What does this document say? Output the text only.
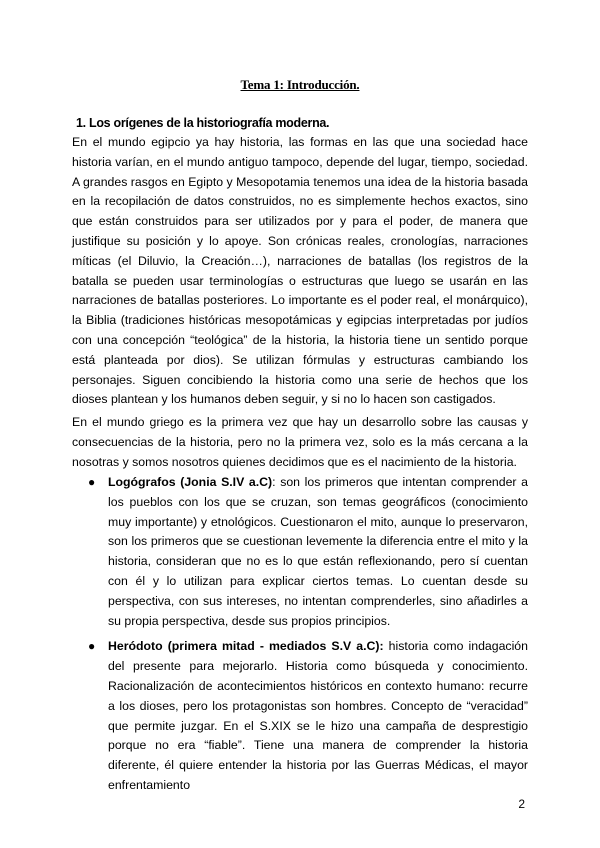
Tema 1: Introducción.
1. Los orígenes de la historiografía moderna.

En el mundo egipcio ya hay historia, las formas en las que una sociedad hace historia varían, en el mundo antiguo tampoco, depende del lugar, tiempo, sociedad. A grandes rasgos en Egipto y Mesopotamia tenemos una idea de la historia basada en la recopilación de datos construidos, no es simplemente hechos exactos, sino que están construidos para ser utilizados por y para el poder, de manera que justifique su posición y lo apoye. Son crónicas reales, cronologías, narraciones míticas (el Diluvio, la Creación…), narraciones de batallas (los registros de la batalla se pueden usar terminologías o estructuras que luego se usarán en las narraciones de batallas posteriores. Lo importante es el poder real, el monárquico), la Biblia (tradiciones históricas mesopotámicas y egipcias interpretadas por judíos con una concepción “teológica” de la historia, la historia tiene un sentido porque está planteada por dios). Se utilizan fórmulas y estructuras cambiando los personajes. Siguen concibiendo la historia como una serie de hechos que los dioses plantean y los humanos deben seguir, y si no lo hacen son castigados.

En el mundo griego es la primera vez que hay un desarrollo sobre las causas y consecuencias de la historia, pero no la primera vez, solo es la más cercana a la nosotras y somos nosotros quienes decidimos que es el nacimiento de la historia.

● Logógrafos (Jonia S.IV a.C): son los primeros que intentan comprender a los pueblos con los que se cruzan, son temas geográficos (conocimiento muy importante) y etnológicos. Cuestionaron el mito, aunque lo preservaron, son los primeros que se cuestionan levemente la diferencia entre el mito y la historia, consideran que no es lo que están reflexionando, pero sí cuentan con él y lo utilizan para explicar ciertos temas. Lo cuentan desde su perspectiva, con sus intereses, no intentan comprenderles, sino añadirles a su propia perspectiva, desde sus propios principios.
● Heródoto (primera mitad - mediados S.V a.C): historia como indagación del presente para mejorarlo. Historia como búsqueda y conocimiento. Racionalización de acontecimientos históricos en contexto humano: recurre a los dioses, pero los protagonistas son hombres. Concepto de “veracidad” que permite juzgar. En el S.XIX se le hizo una campaña de desprestigio porque no era “fiable”. Tiene una manera de comprender la historia diferente, él quiere entender la historia por las Guerras Médicas, el mayor enfrentamiento
2
